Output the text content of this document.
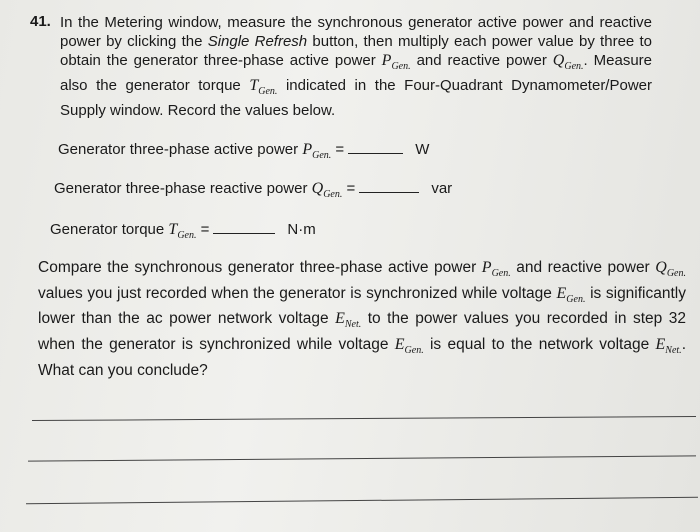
41. In the Metering window, measure the synchronous generator active power and reactive power by clicking the Single Refresh button, then multiply each power value by three to obtain the generator three-phase active power $P_{Gen.}$ and reactive power $Q_{Gen.}$. Measure also the generator torque $T_{Gen.}$ indicated in the Four-Quadrant Dynamometer/Power Supply window. Record the values below.
Generator three-phase active power $P_{Gen.}$ =	W
Generator three-phase reactive power $Q_{Gen.}$ =	var
Generator torque $T_{Gen.}$ =	N·m
Compare the synchronous generator three-phase active power $P_{Gen.}$ and reactive power $Q_{Gen.}$ values you just recorded when the generator is synchronized while voltage $E_{Gen.}$ is significantly lower than the ac power network voltage $E_{Net.}$ to the power values you recorded in step 32 when the generator is synchronized while voltage $E_{Gen.}$ is equal to the network voltage $E_{Net.}$. What can you conclude?
